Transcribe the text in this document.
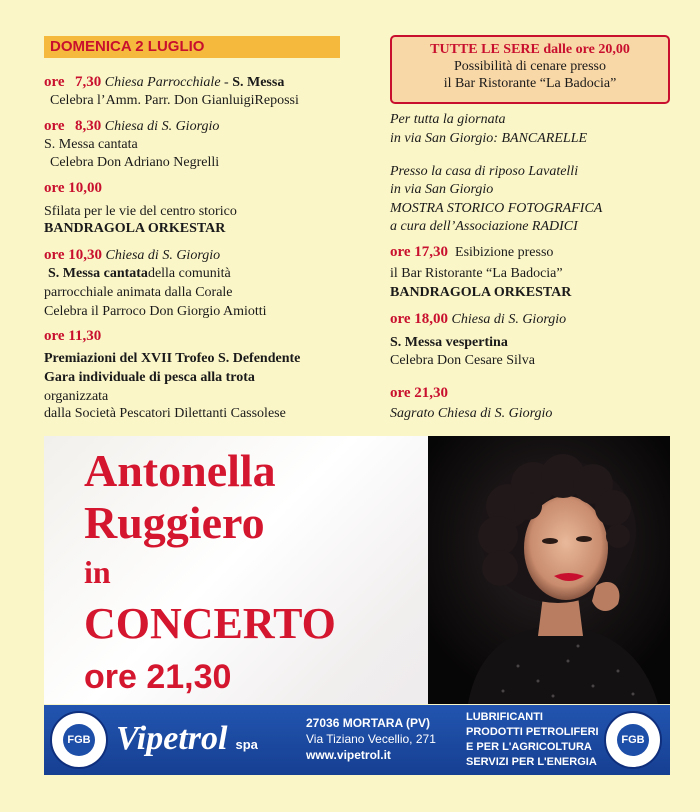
DOMENICA 2 LUGLIO
ore 7,30 Chiesa Parrocchiale - S. Messa
Celebra l’Amm. Parr. Don GianluigiRepossi
ore 8,30 Chiesa di S. Giorgio
S. Messa cantata
Celebra Don Adriano Negrelli
ore 10,00
Sfilata per le vie del centro storico
BANDRAGOLA ORKESTAR
ore 10,30 Chiesa di S. Giorgio
S. Messa cantatadella comunità
parrocchiale animata dalla Corale
Celebra il Parroco Don Giorgio Amiotti
ore 11,30
Premiazioni del XVII Trofeo S. Defendente
Gara individuale di pesca alla trota
organizzata
dalla Società Pescatori Dilettanti Cassolese
TUTTE LE SERE dalle ore 20,00
Possibilità di cenare presso
il Bar Ristorante “La Badocia”
Per tutta la giornata
in via San Giorgio: BANCARELLE
Presso la casa di riposo Lavatelli
in via San Giorgio
MOSTRA STORICO FOTOGRAFICA
a cura dell’Associazione RADICI
ore 17,30 Esibizione presso
il Bar Ristorante “La Badocia”
BANDRAGOLA ORKESTAR
ore 18,00 Chiesa di S. Giorgio
S. Messa vespertina
Celebra Don Cesare Silva
ore 21,30
Sagrato Chiesa di S. Giorgio
Antonella
Ruggiero
in
CONCERTO
ore 21,30
FGB Vipetrol spa
27036 MORTARA (PV)
Via Tiziano Vecellio, 271
www.vipetrol.it
LUBRIFICANTI
PRODOTTI PETROLIFERI
E PER L'AGRICOLTURA
SERVIZI PER L'ENERGIA
FGB
